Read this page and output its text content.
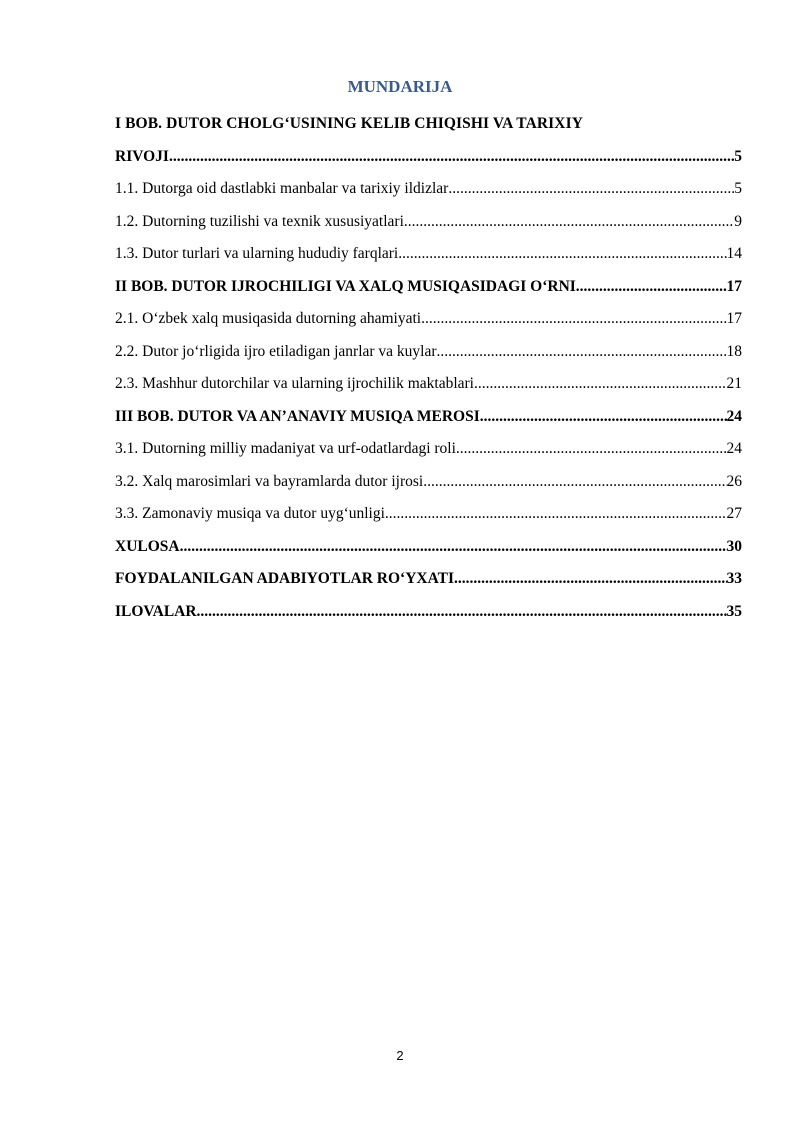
MUNDARIJA
I BOB. DUTOR CHOLG‘USINING KELIB CHIQISHI VA TARIXIY
RIVOJI .....	5
1.1. Dutorga oid dastlabki manbalar va tarixiy ildizlar .....	5
1.2. Dutorning tuzilishi va texnik xususiyatlari .....	9
1.3. Dutor turlari va ularning hududiy farqlari .....	14
II BOB. DUTOR IJROCHILIGI VA XALQ MUSIQASIDAGI O‘RNI .....	17
2.1. O‘zbek xalq musiqasida dutorning ahamiyati .....	17
2.2. Dutor jo‘rligida ijro etiladigan janrlar va kuylar .....	18
2.3. Mashhur dutorchilar va ularning ijrochilik maktablari .....	21
III BOB. DUTOR VA AN’ANAVIY MUSIQA MEROSI .....	24
3.1. Dutorning milliy madaniyat va urf-odatlardagi roli .....	24
3.2. Xalq marosimlari va bayramlarda dutor ijrosi .....	26
3.3. Zamonaviy musiqa va dutor uyg‘unligi .....	27
XULOSA .....	30
FOYDALANILGAN ADABIYOTLAR RO‘YXATI .....	33
ILOVALAR .....	35
2
